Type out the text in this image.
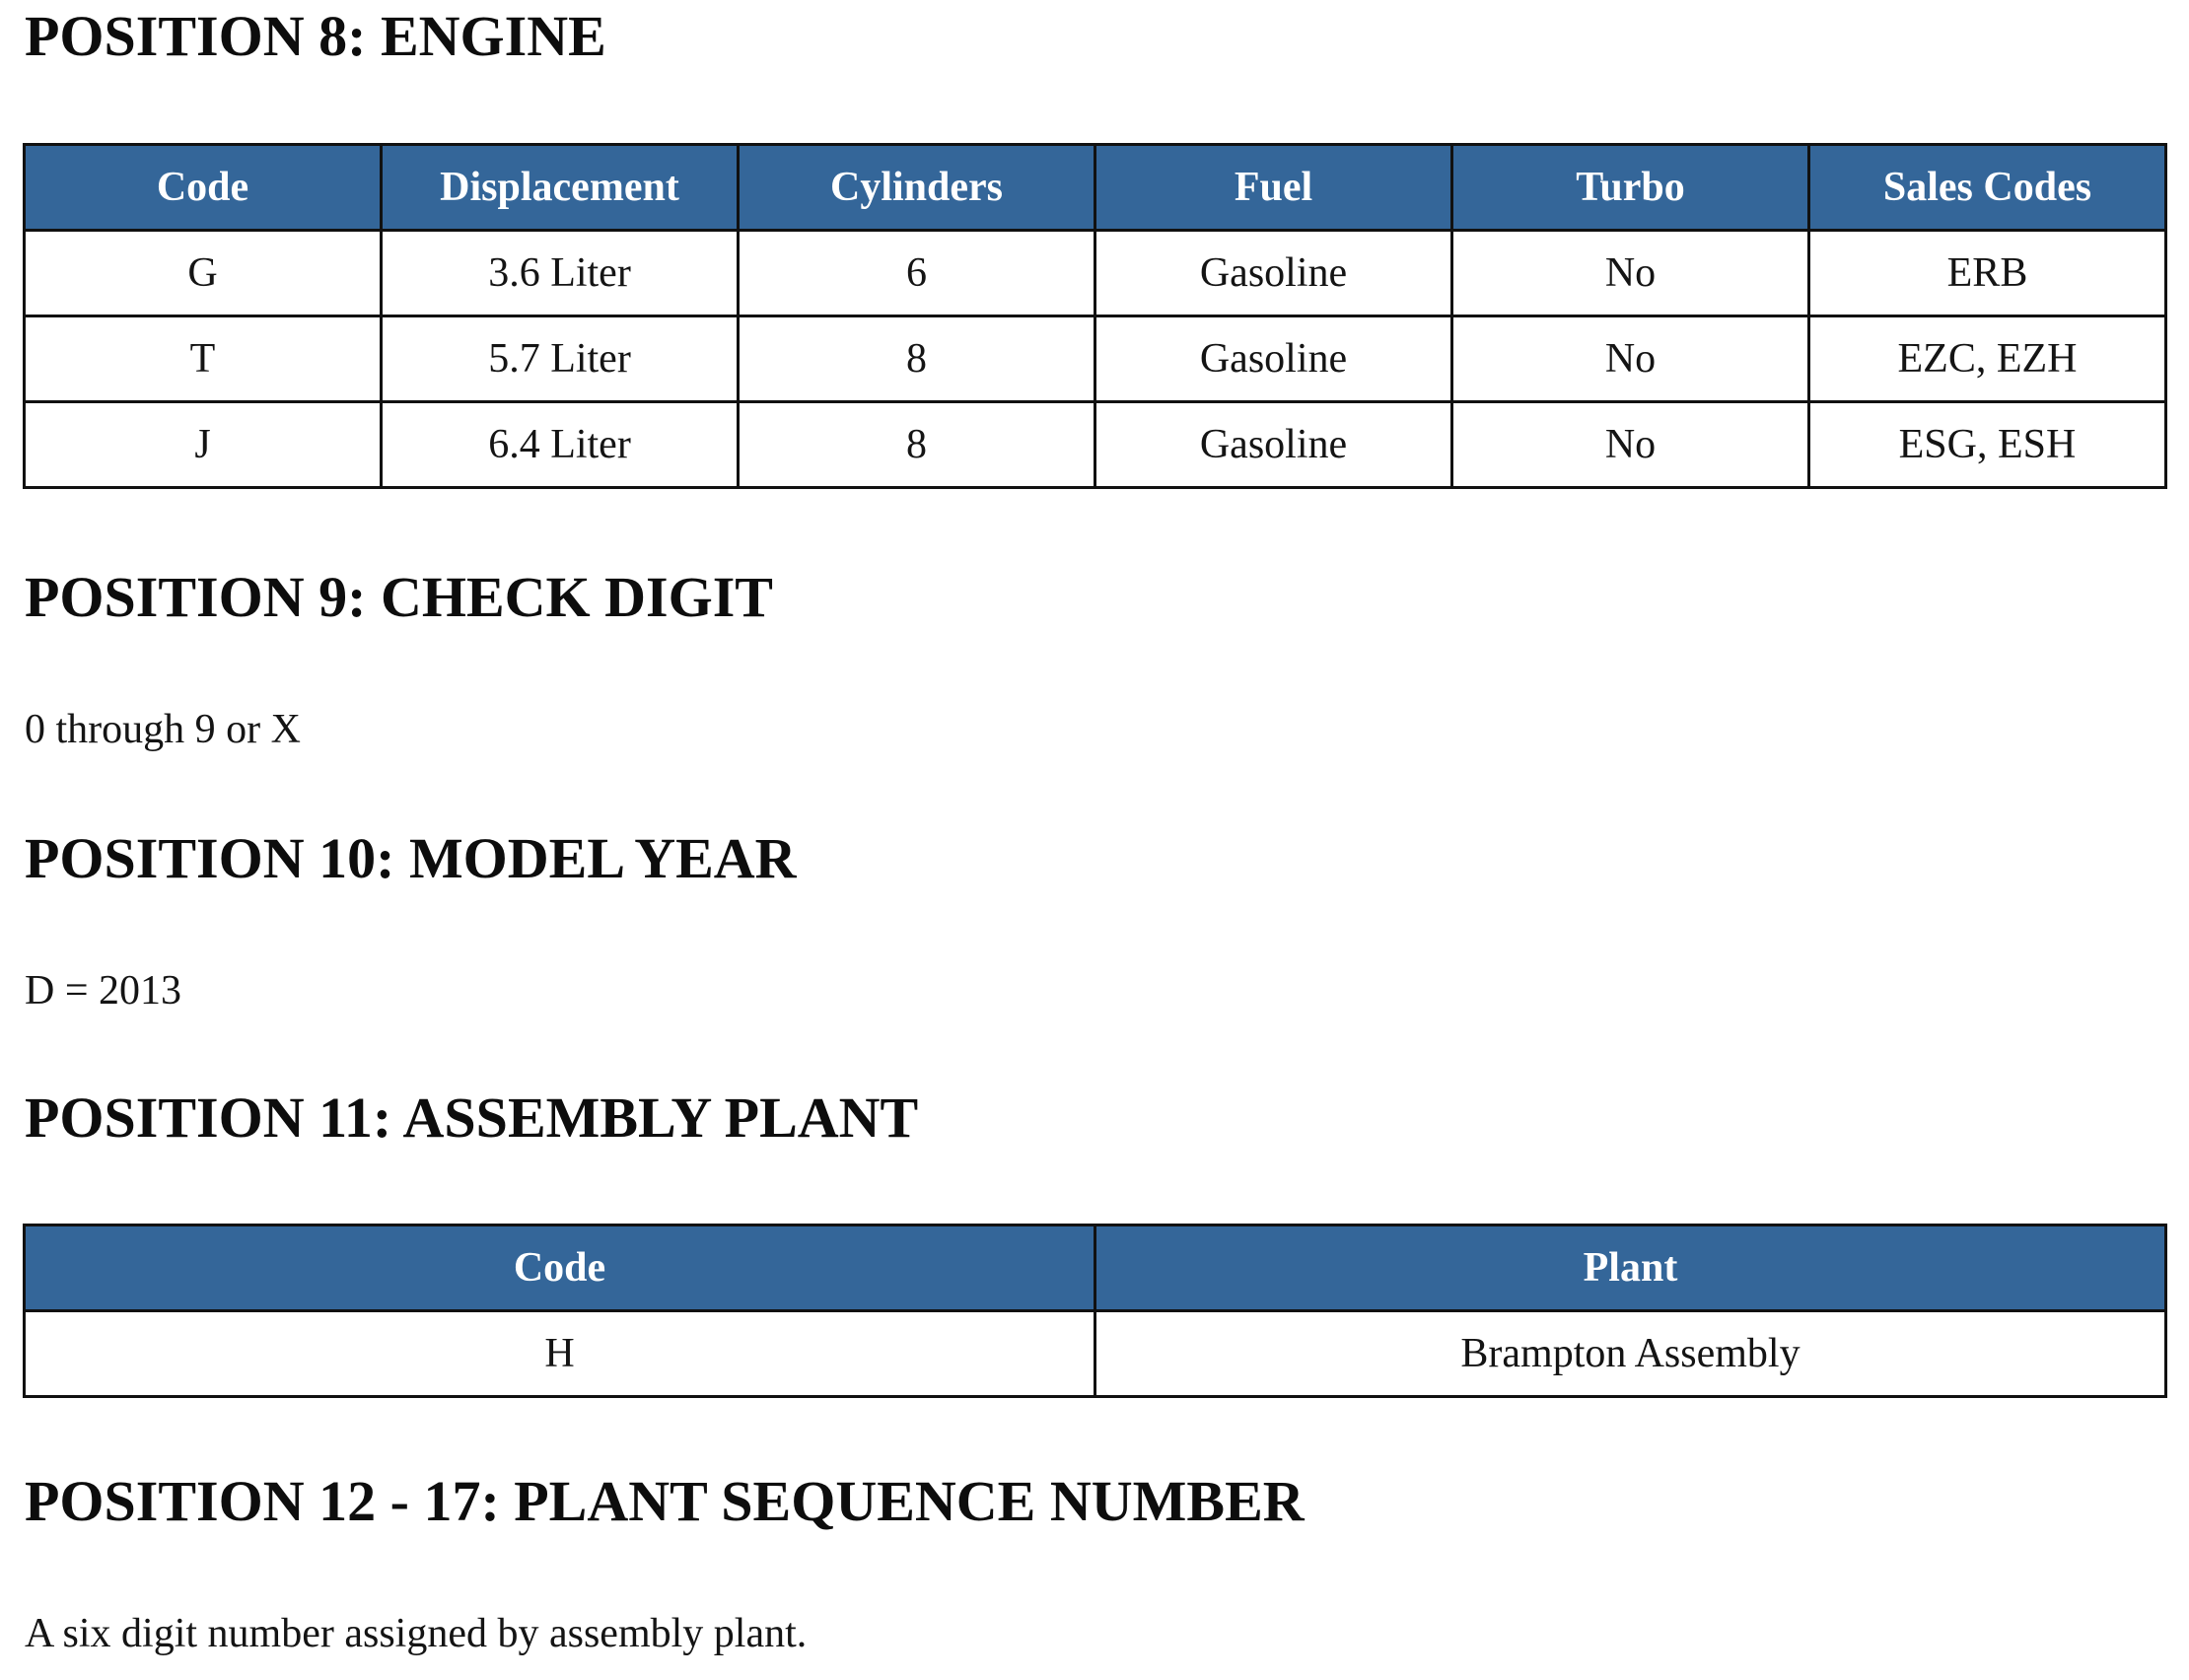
POSITION 8: ENGINE
Code	Displacement	Cylinders	Fuel	Turbo	Sales Codes
G	3.6 Liter	6	Gasoline	No	ERB
T	5.7 Liter	8	Gasoline	No	EZC, EZH
J	6.4 Liter	8	Gasoline	No	ESG, ESH
POSITION 9: CHECK DIGIT

0 through 9 or X

POSITION 10: MODEL YEAR

D = 2013

POSITION 11: ASSEMBLY PLANT
Code	Plant
H	Brampton Assembly
POSITION 12 - 17: PLANT SEQUENCE NUMBER

A six digit number assigned by assembly plant.
